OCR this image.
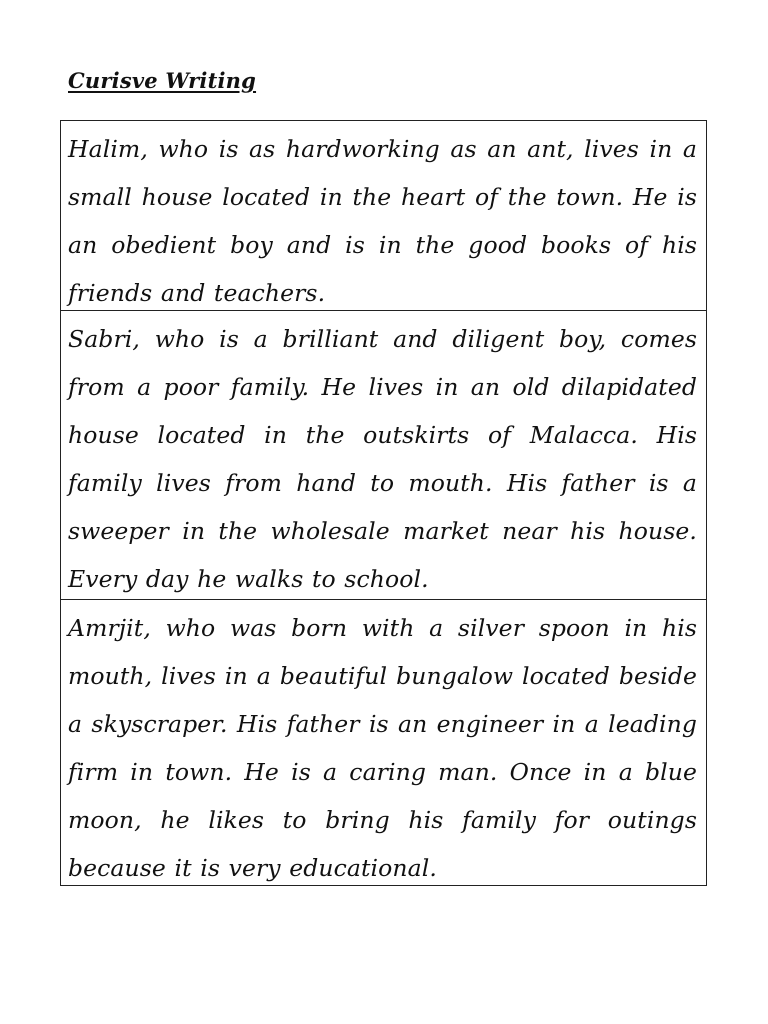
Curisve Writing
Halim, who is as hardworking as an ant, lives in a small house located in the heart of the town. He is an obedient boy and is in the good books of his friends and teachers.
Sabri, who is a brilliant and diligent boy, comes from a poor family. He lives in an old dilapidated house located in the outskirts of Malacca. His family lives from hand to mouth. His father is a sweeper in the wholesale market near his house. Every day he walks to school.
Amrjit, who was born with a silver spoon in his mouth, lives in a beautiful bungalow located beside a skyscraper. His father is an engineer in a leading firm in town. He is a caring man. Once in a blue moon, he likes to bring his family for outings because it is very educational.
